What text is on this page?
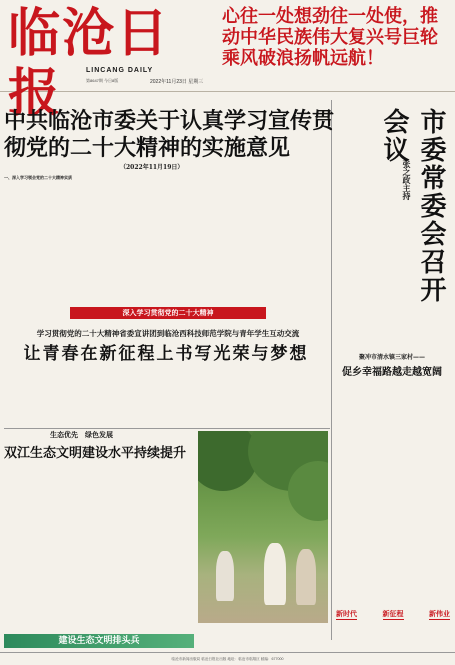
临沧日报	LINCANG DAILY
第8647期 今日8版	2022年11月23日 星期三
心往一处想劲往一处使，推动中华民族伟大复兴号巨轮乘风破浪扬帆远航！
中共临沧市委关于认真学习宣传贯彻党的二十大精神的实施意见
（2022年11月19日）
一、深入学习领会党的二十大精神实质	张之政主持 市委常委会召开会议
深入学习贯彻党的二十大精神
学习贯彻党的二十大精神省委宣讲团到临沧西科技师范学院与青年学生互动交流
让青春在新征程上书写光荣与梦想	聚冲市清水镇三家村——
促乡幸福路越走越宽阔
生态优先　绿色发展
双江生态文明建设水平持续提升
建设生态文明排头兵
新时代	新征程	新伟业
临沧市新闻出版局 临沧日报社出版 地址：临沧市临翔区 邮编：677000
